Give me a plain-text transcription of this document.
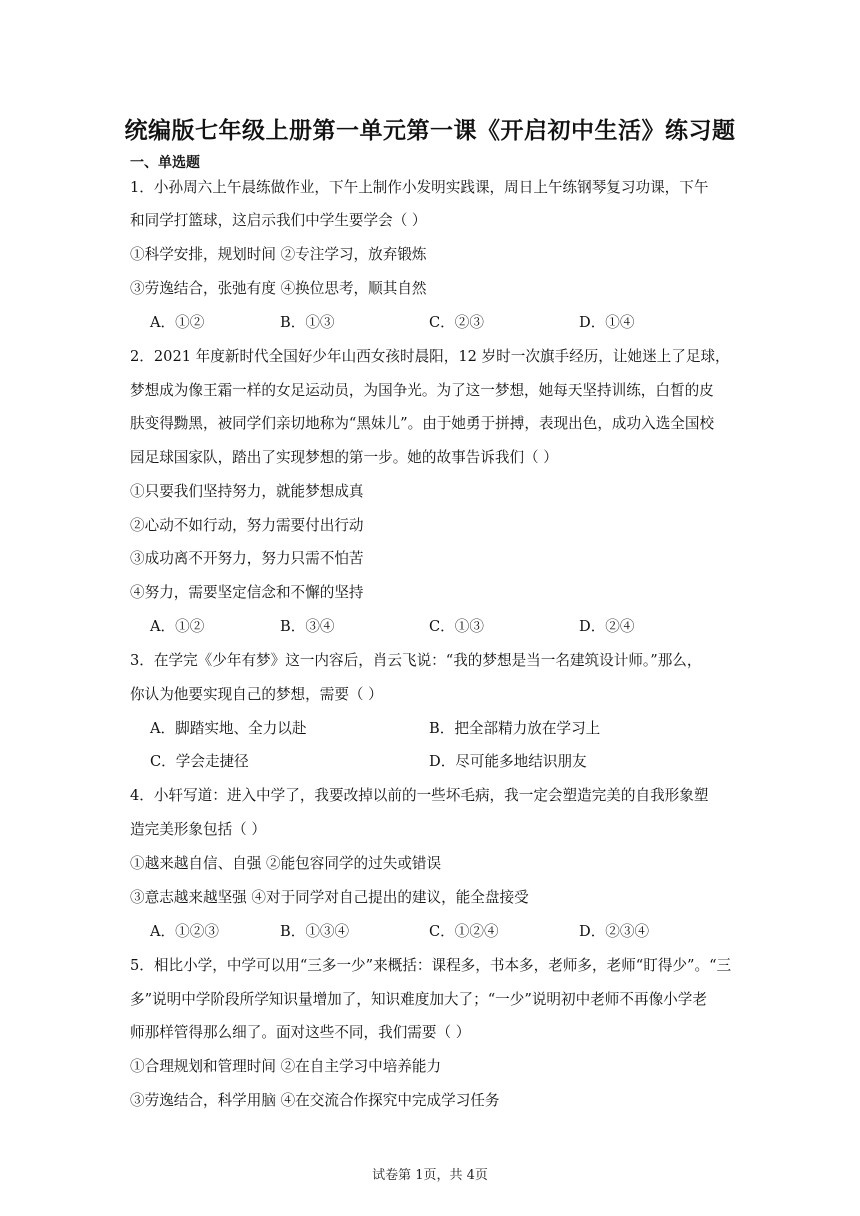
统编版七年级上册第一单元第一课《开启初中生活》练习题
一、单选题
1．小孙周六上午晨练做作业，下午上制作小发明实践课，周日上午练钢琴复习功课，下午
和同学打篮球，这启示我们中学生要学会（ ）
①科学安排，规划时间 ②专注学习，放弃锻炼
③劳逸结合，张弛有度 ④换位思考，顺其自然
A．①②	B．①③	C．②③	D．①④
2．2021 年度新时代全国好少年山西女孩时晨阳，12 岁时一次旗手经历，让她迷上了足球，
梦想成为像王霜一样的女足运动员，为国争光。为了这一梦想，她每天坚持训练，白皙的皮
肤变得黝黑，被同学们亲切地称为“黑妹儿”。由于她勇于拼搏，表现出色，成功入选全国校
园足球国家队，踏出了实现梦想的第一步。她的故事告诉我们（ ）
①只要我们坚持努力，就能梦想成真
②心动不如行动，努力需要付出行动
③成功离不开努力，努力只需不怕苦
④努力，需要坚定信念和不懈的坚持
A．①②	B．③④	C．①③	D．②④
3．在学完《少年有梦》这一内容后，肖云飞说：“我的梦想是当一名建筑设计师。”那么，
你认为他要实现自己的梦想，需要（ ）
A．脚踏实地、全力以赴	B．把全部精力放在学习上
C．学会走捷径	D．尽可能多地结识朋友
4．小轩写道：进入中学了，我要改掉以前的一些坏毛病，我一定会塑造完美的自我形象塑
造完美形象包括（ ）
①越来越自信、自强 ②能包容同学的过失或错误
③意志越来越坚强 ④对于同学对自己提出的建议，能全盘接受
A．①②③	B．①③④	C．①②④	D．②③④
5．相比小学，中学可以用“三多一少”来概括：课程多，书本多，老师多，老师“盯得少”。“三
多”说明中学阶段所学知识量增加了，知识难度加大了；“一少”说明初中老师不再像小学老
师那样管得那么细了。面对这些不同，我们需要（ ）
①合理规划和管理时间 ②在自主学习中培养能力
③劳逸结合，科学用脑 ④在交流合作探究中完成学习任务
试卷第 1页，共 4页
